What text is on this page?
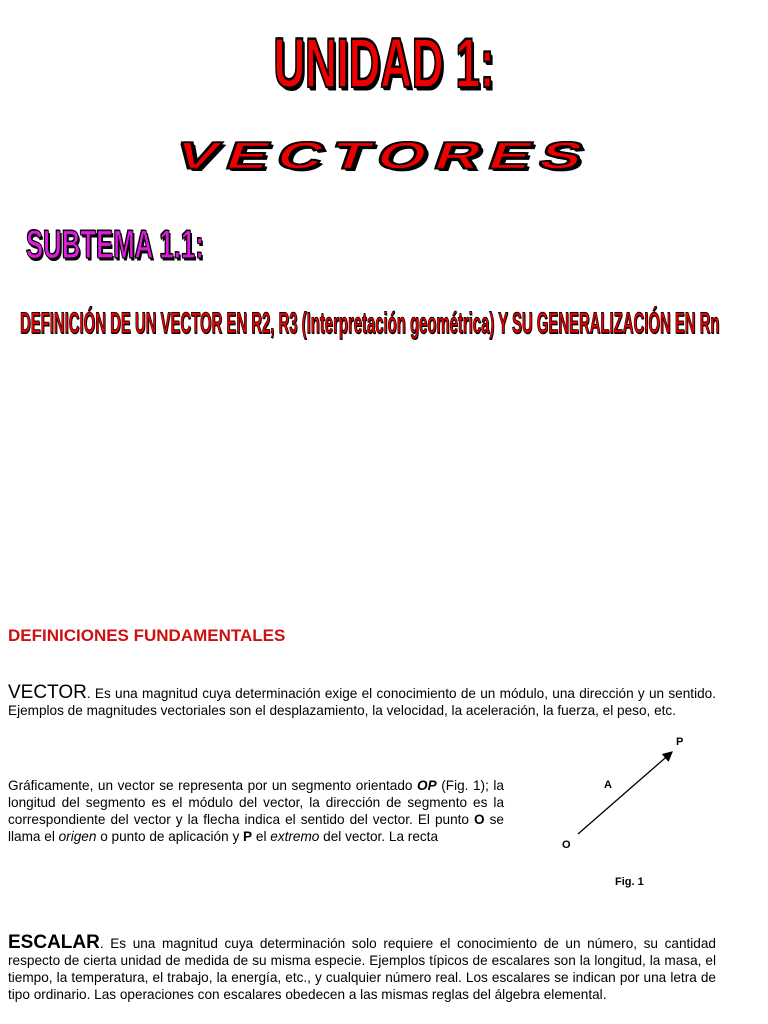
UNIDAD 1:
VECTORES
SUBTEMA 1.1:
DEFINICIÓN DE UN VECTOR EN R2, R3 (Interpretación geométrica) Y SU GENERALIZACIÓN EN Rn
DEFINICIONES FUNDAMENTALES
VECTOR. Es una magnitud cuya determinación exige el conocimiento de un módulo, una dirección y un sentido. Ejemplos de magnitudes vectoriales son el desplazamiento, la velocidad, la aceleración, la fuerza, el peso, etc.
Gráficamente, un vector se representa por un segmento orientado OP (Fig. 1); la longitud del segmento es el módulo del vector, la dirección de segmento es la correspondiente del vector y la flecha indica el sentido del vector. El punto O se llama el origen o punto de aplicación y P el extremo del vector. La recta
P
A
O
Fig. 1
ESCALAR. Es una magnitud cuya determinación solo requiere el conocimiento de un número, su cantidad respecto de cierta unidad de medida de su misma especie. Ejemplos típicos de escalares son la longitud, la masa, el tiempo, la temperatura, el trabajo, la energía, etc., y cualquier número real. Los escalares se indican por una letra de tipo ordinario. Las operaciones con escalares obedecen a las mismas reglas del álgebra elemental.
